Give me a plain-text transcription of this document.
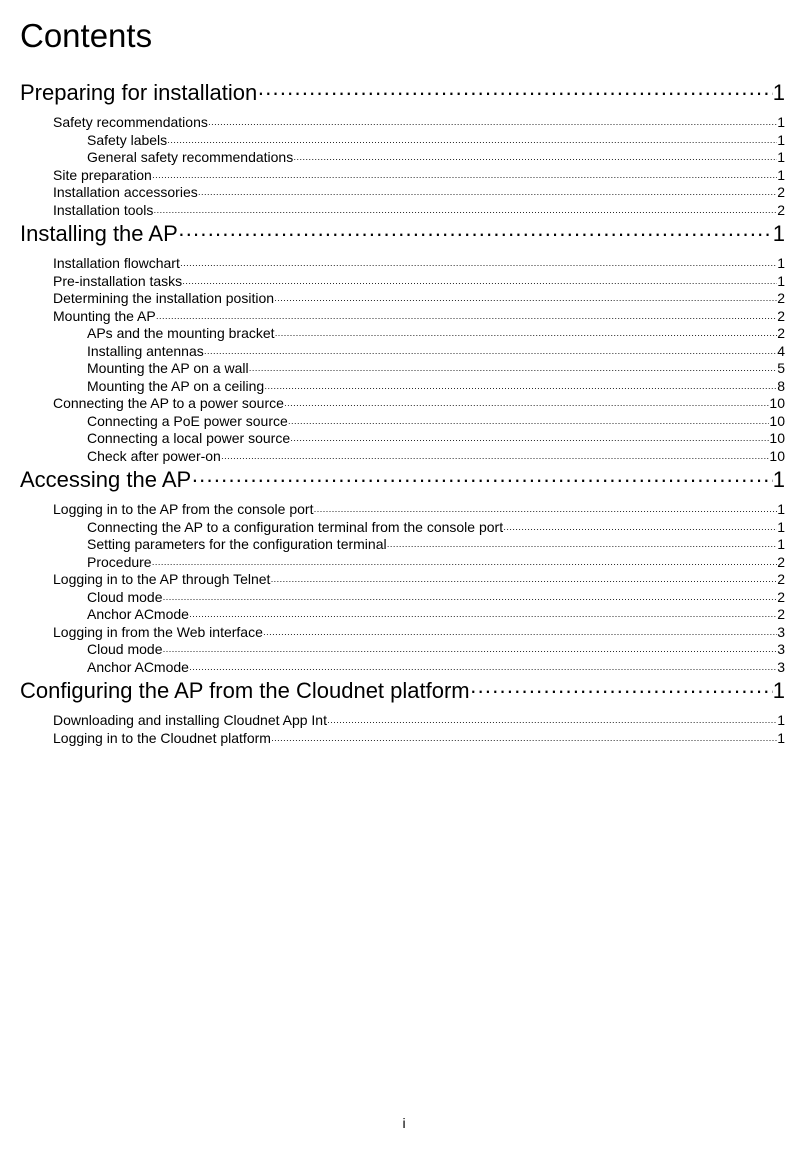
Contents
Preparing for installation ·····	1
Safety recommendations ·····	1
Safety labels ·····	1
General safety recommendations ·····	1
Site preparation ·····	1
Installation accessories ·····	2
Installation tools ·····	2
Installing the AP ·····	1
Installation flowchart ·····	1
Pre-installation tasks ·····	1
Determining the installation position ·····	2
Mounting the AP ·····	2
APs and the mounting bracket ·····	2
Installing antennas ·····	4
Mounting the AP on a wall ·····	5
Mounting the AP on a ceiling ·····	8
Connecting the AP to a power source ·····	10
Connecting a PoE power source ·····	10
Connecting a local power source ·····	10
Check after power-on ·····	10
Accessing the AP ·····	1
Logging in to the AP from the console port ·····	1
Connecting the AP to a configuration terminal from the console port ·····	1
Setting parameters for the configuration terminal ·····	1
Procedure ·····	2
Logging in to the AP through Telnet ·····	2
Cloud mode ·····	2
Anchor ACmode ·····	2
Logging in from the Web interface ·····	3
Cloud mode ·····	3
Anchor ACmode ·····	3
Configuring the AP from the Cloudnet platform ·····	1
Downloading and installing Cloudnet App Int ·····	1
Logging in to the Cloudnet platform ·····	1
i
